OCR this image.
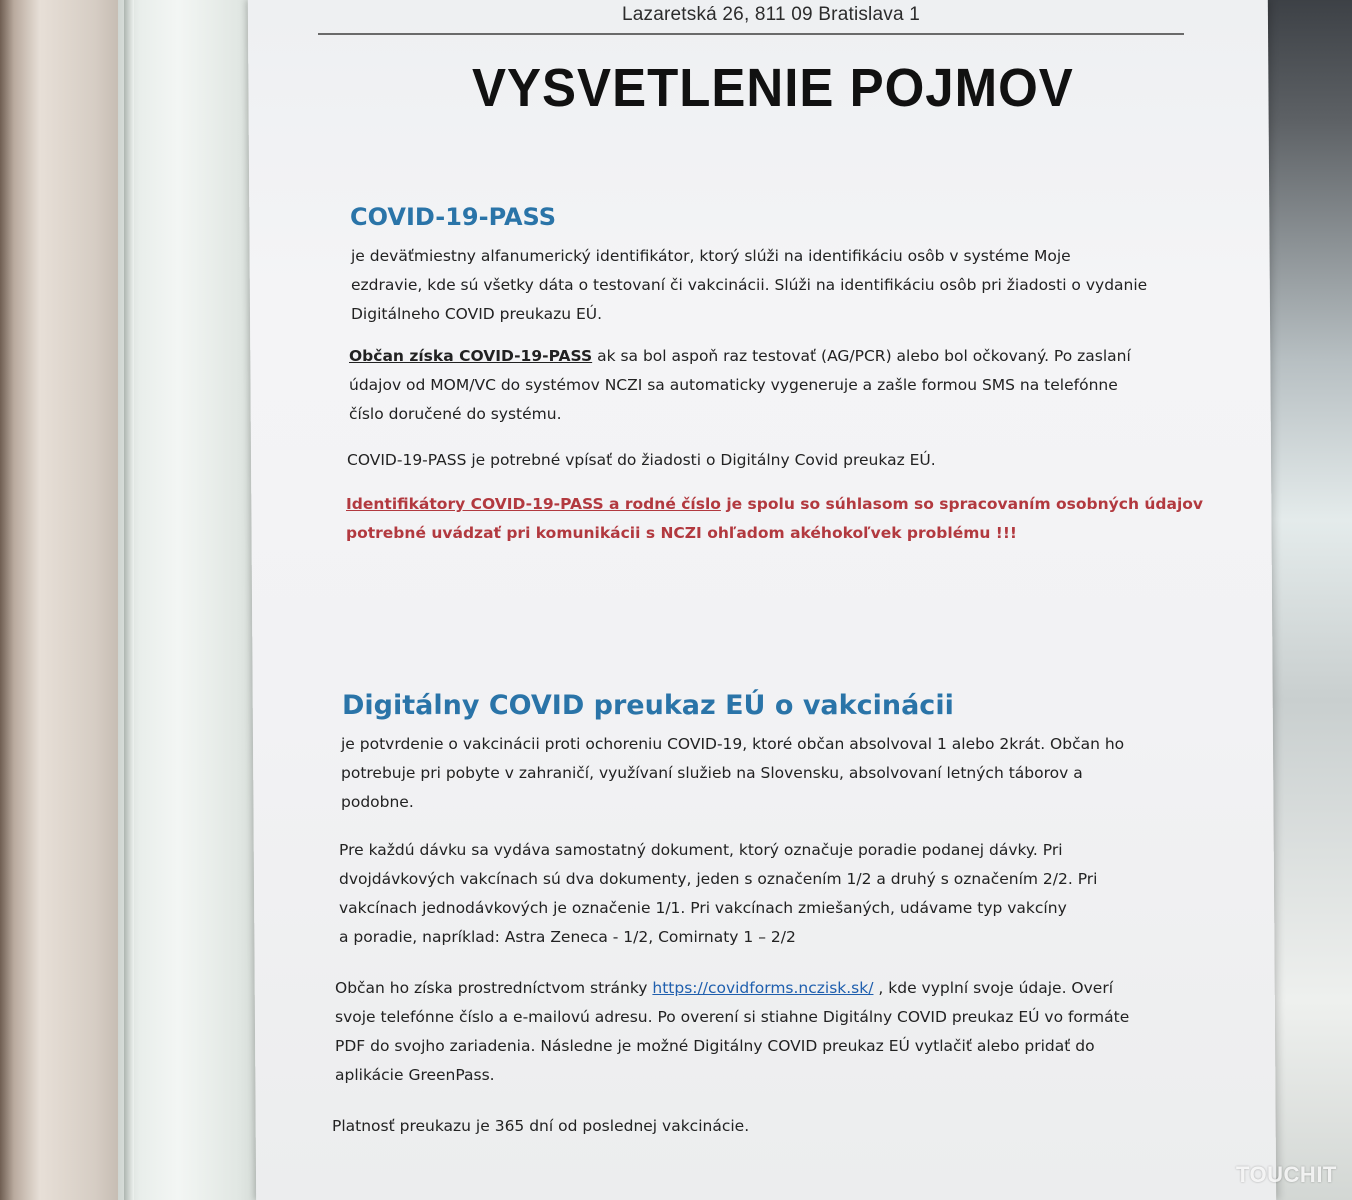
Lazaretská 26, 811 09 Bratislava 1
VYSVETLENIE POJMOV
COVID-19-PASS
je deväťmiestny alfanumerický identifikátor, ktorý slúži na identifikáciu osôb v systéme Moje
ezdravie, kde sú všetky dáta o testovaní či vakcinácii. Slúži na identifikáciu osôb pri žiadosti o vydanie
Digitálneho COVID preukazu EÚ.
Občan získa COVID-19-PASS ak sa bol aspoň raz testovať (AG/PCR) alebo bol očkovaný. Po zaslaní
údajov od MOM/VC do systémov NCZI sa automaticky vygeneruje a zašle formou SMS na telefónne
číslo doručené do systému.
COVID-19-PASS je potrebné vpísať do žiadosti o Digitálny Covid preukaz EÚ.
Identifikátory COVID-19-PASS a rodné číslo je spolu so súhlasom so spracovaním osobných údajov
potrebné uvádzať pri komunikácii s NCZI ohľadom akéhokoľvek problému !!!
Digitálny COVID preukaz EÚ o vakcinácii
je potvrdenie o vakcinácii proti ochoreniu COVID-19, ktoré občan absolvoval 1 alebo 2krát. Občan ho
potrebuje pri pobyte v zahraničí, využívaní služieb na Slovensku, absolvovaní letných táborov a
podobne.
Pre každú dávku sa vydáva samostatný dokument, ktorý označuje poradie podanej dávky. Pri
dvojdávkových vakcínach sú dva dokumenty, jeden s označením 1/2 a druhý s označením 2/2. Pri
vakcínach jednodávkových je označenie 1/1. Pri vakcínach zmiešaných, udávame typ vakcíny
a poradie, napríklad: Astra Zeneca - 1/2, Comirnaty 1 – 2/2
Občan ho získa prostredníctvom stránky https://covidforms.nczisk.sk/ , kde vyplní svoje údaje. Overí
svoje telefónne číslo a e-mailovú adresu. Po overení si stiahne Digitálny COVID preukaz EÚ vo formáte
PDF do svojho zariadenia. Následne je možné Digitálny COVID preukaz EÚ vytlačiť alebo pridať do
aplikácie GreenPass.
Platnosť preukazu je 365 dní od poslednej vakcinácie.
TOUCHIT
